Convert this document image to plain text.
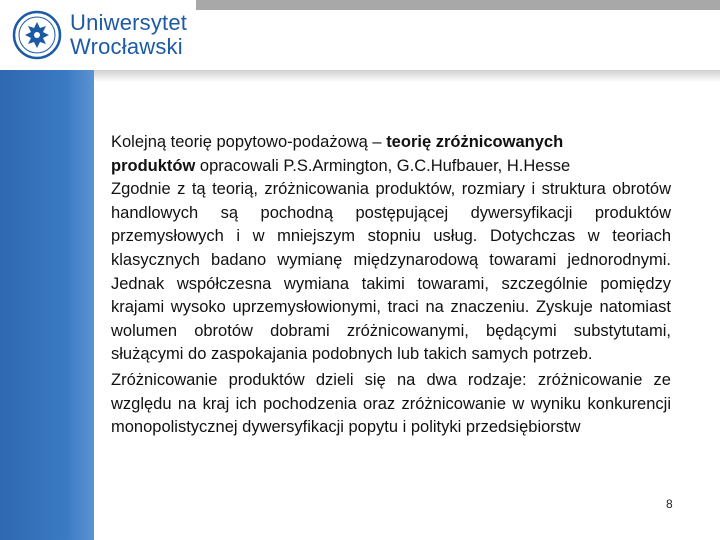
Uniwersytet
Wrocławski

Kolejną teorię popytowo-podażową – teorię zróżnicowanych
produktów opracowali P.S.Armington, G.C.Hufbauer, H.Hesse

Zgodnie z tą teorią, zróżnicowania produktów, rozmiary i struktura obrotów handlowych są pochodną postępującej dywersyfikacji produktów przemysłowych i w mniejszym stopniu usług. Dotychczas w teoriach klasycznych badano wymianę międzynarodową towarami jednorodnymi. Jednak współczesna wymiana takimi towarami, szczególnie pomiędzy krajami wysoko uprzemysłowionymi, traci na znaczeniu. Zyskuje natomiast wolumen obrotów dobrami zróżnicowanymi, będącymi substytutami, służącymi do zaspokajania podobnych lub takich samych potrzeb.

Zróżnicowanie produktów dzieli się na dwa rodzaje: zróżnicowanie ze względu na kraj ich pochodzenia oraz zróżnicowanie w wyniku konkurencji monopolistycznej dywersyfikacji popytu i polityki przedsiębiorstw

8
